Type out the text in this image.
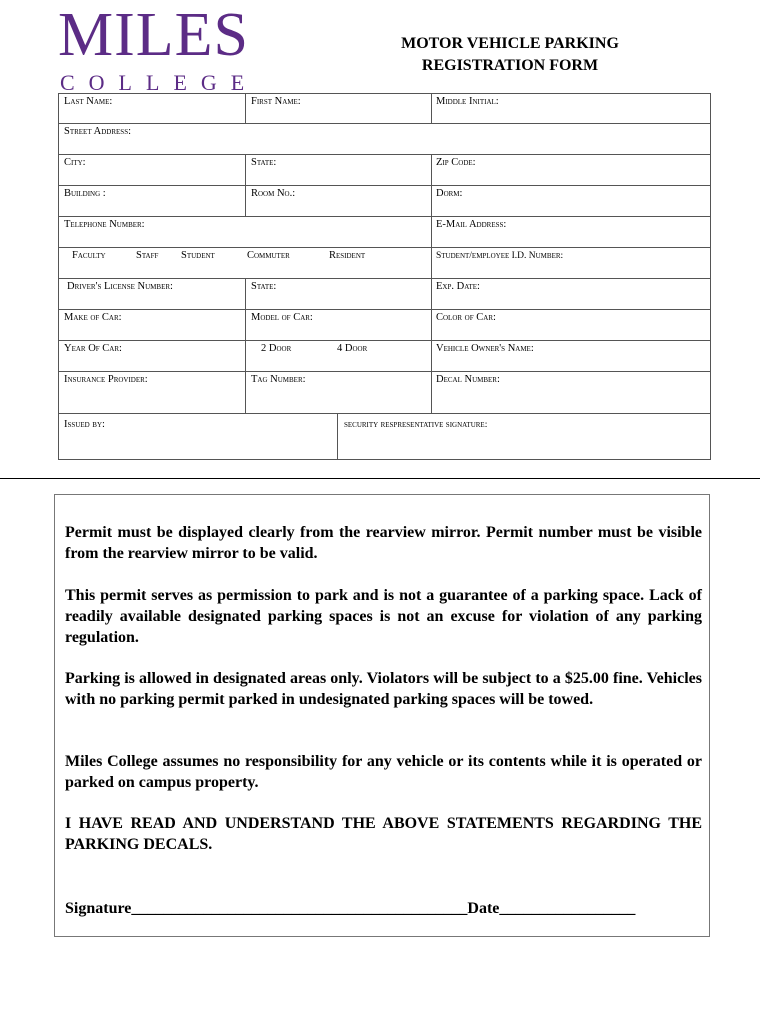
MILES
COLLEGE
MOTOR VEHICLE PARKING
REGISTRATION FORM
Last Name:	First Name:	Middle Initial:
Street Address:
City:	State:	Zip Code:
Building :	Room No.:	Dorm:
Telephone Number:	E-Mail Address:
Faculty	Staff Student	Commuter	Resident	Student/employee I.D. Number:
Driver's License Number:	State:	Exp. Date:
Make of Car:	Model of Car:	Color of Car:
Year Of Car:	2 Door	4 Door	Vehicle Owner's Name:
Insurance Provider:	Tag Number:	Decal Number:
Issued by:	security respresentative signature:
Permit must be displayed clearly from the rearview mirror. Permit number must be visible from the rearview mirror to be valid.
This permit serves as permission to park and is not a guarantee of a parking space. Lack of readily available designated parking spaces is not an excuse for violation of any parking regulation.
Parking is allowed in designated areas only. Violators will be subject to a $25.00 fine. Vehicles with no parking permit parked in undesignated parking spaces will be towed.
Miles College assumes no responsibility for any vehicle or its contents while it is operated or parked on campus property.
I HAVE READ AND UNDERSTAND THE ABOVE STATEMENTS REGARDING THE PARKING DECALS.
Signature__________________________________________Date_________________
